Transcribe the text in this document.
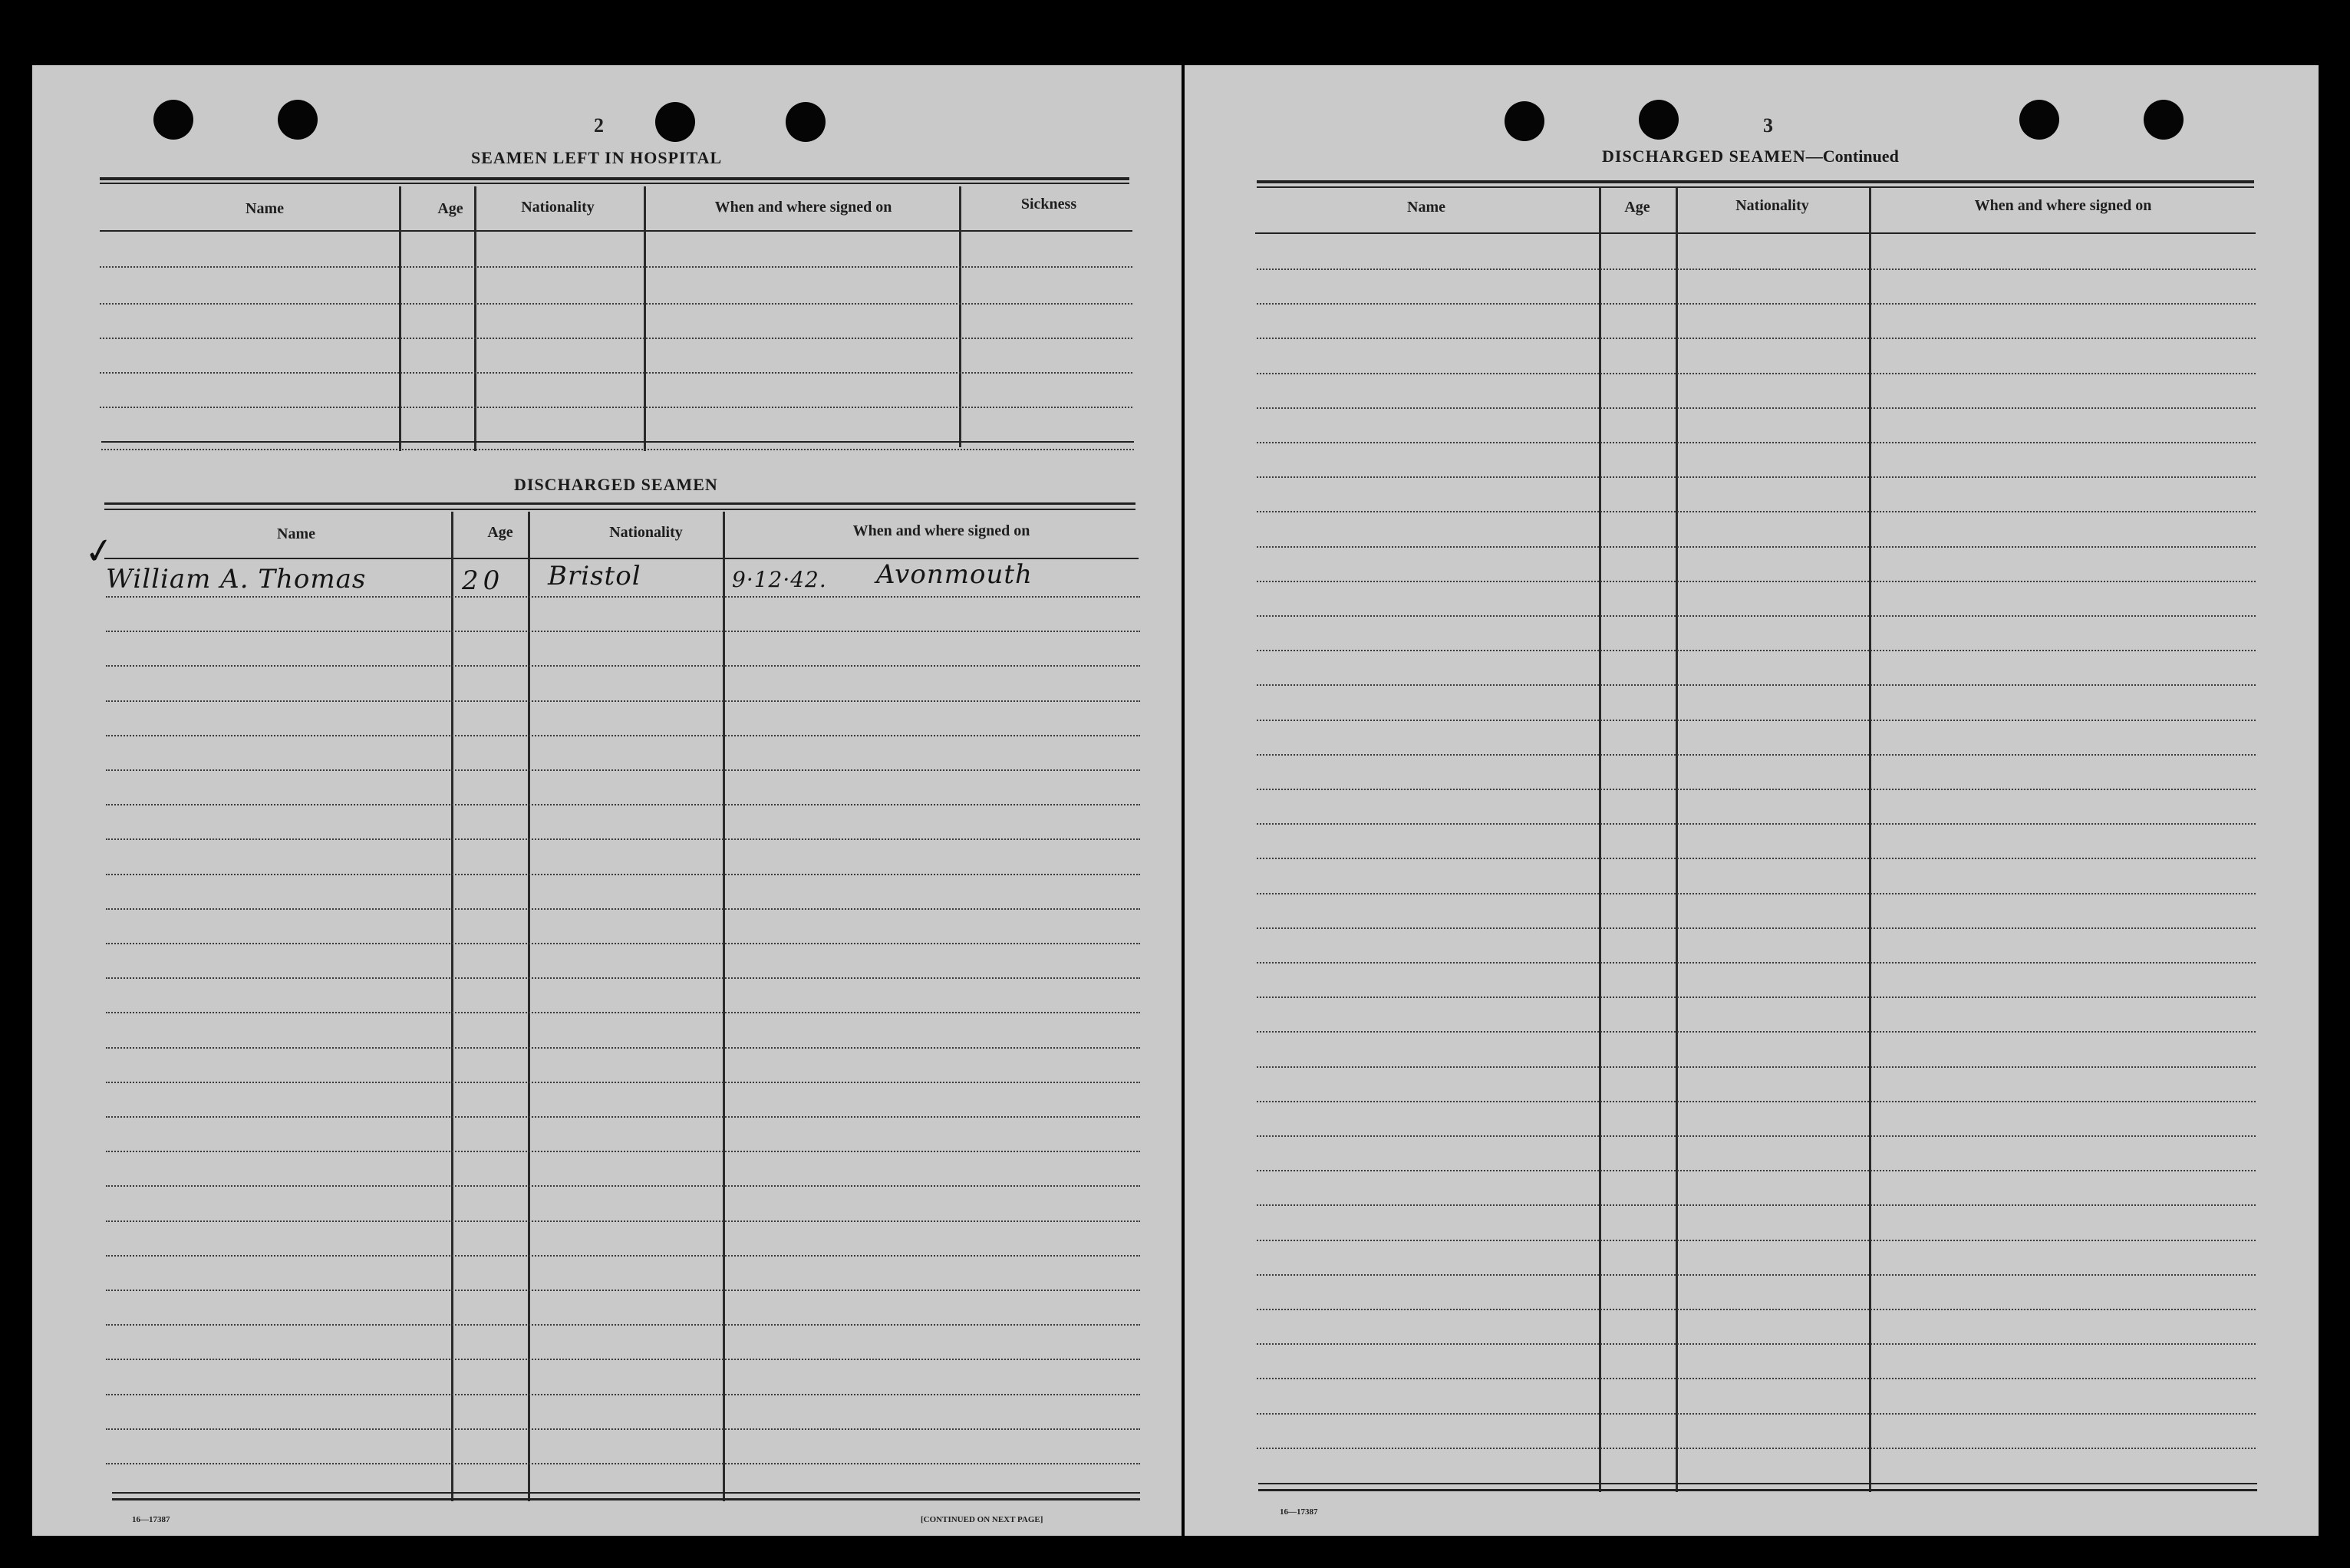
2
SEAMEN LEFT IN HOSPITAL
Name	Age	Nationality	When and where signed on	Sickness
DISCHARGED SEAMEN
Name	Age	Nationality	When and where signed on
✓
William A. Thomas	20 Bristol	9·12·42. Avonmouth
16—17387	[CONTINUED ON NEXT PAGE]
3
DISCHARGED SEAMEN—Continued
Name	Age	Nationality	When and where signed on
16—17387
